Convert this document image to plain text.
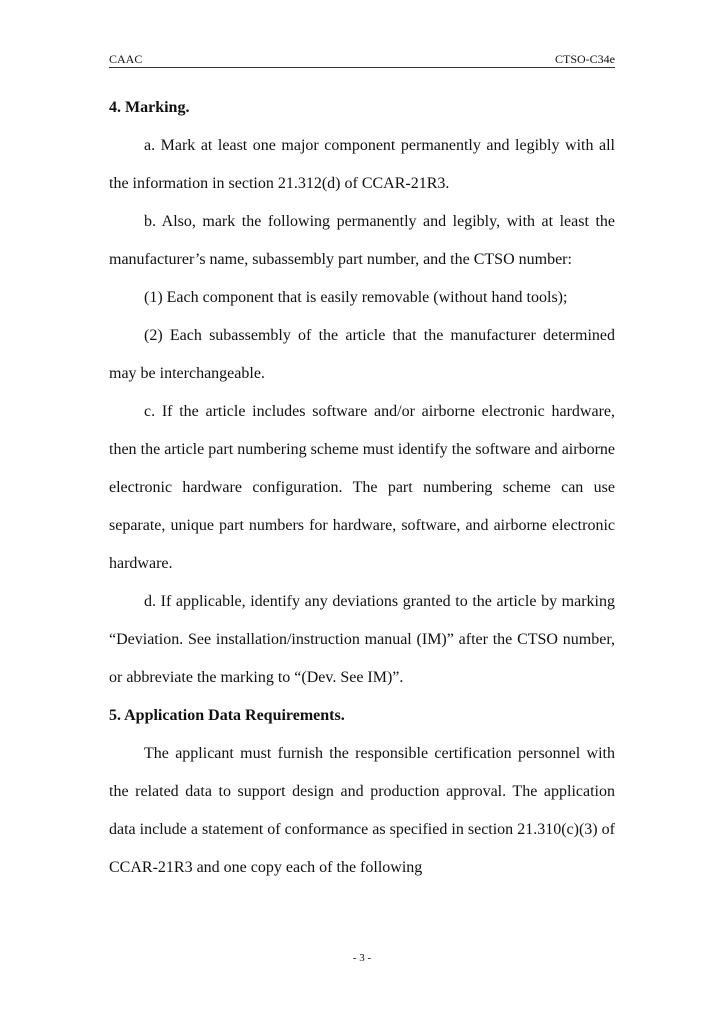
CAAC	CTSO-C34e

4. Marking.

a. Mark at least one major component permanently and legibly with all the information in section 21.312(d) of CCAR-21R3.

b. Also, mark the following permanently and legibly, with at least the manufacturer’s name, subassembly part number, and the CTSO number:

(1) Each component that is easily removable (without hand tools);

(2) Each subassembly of the article that the manufacturer determined may be interchangeable.

c. If the article includes software and/or airborne electronic hardware, then the article part numbering scheme must identify the software and airborne electronic hardware configuration. The part numbering scheme can use separate, unique part numbers for hardware, software, and airborne electronic hardware.

d. If applicable, identify any deviations granted to the article by marking “Deviation. See installation/instruction manual (IM)” after the CTSO number, or abbreviate the marking to “(Dev. See IM)”.

5. Application Data Requirements.

The applicant must furnish the responsible certification personnel with the related data to support design and production approval. The application data include a statement of conformance as specified in section 21.310(c)(3) of CCAR-21R3 and one copy each of the following

- 3 -
